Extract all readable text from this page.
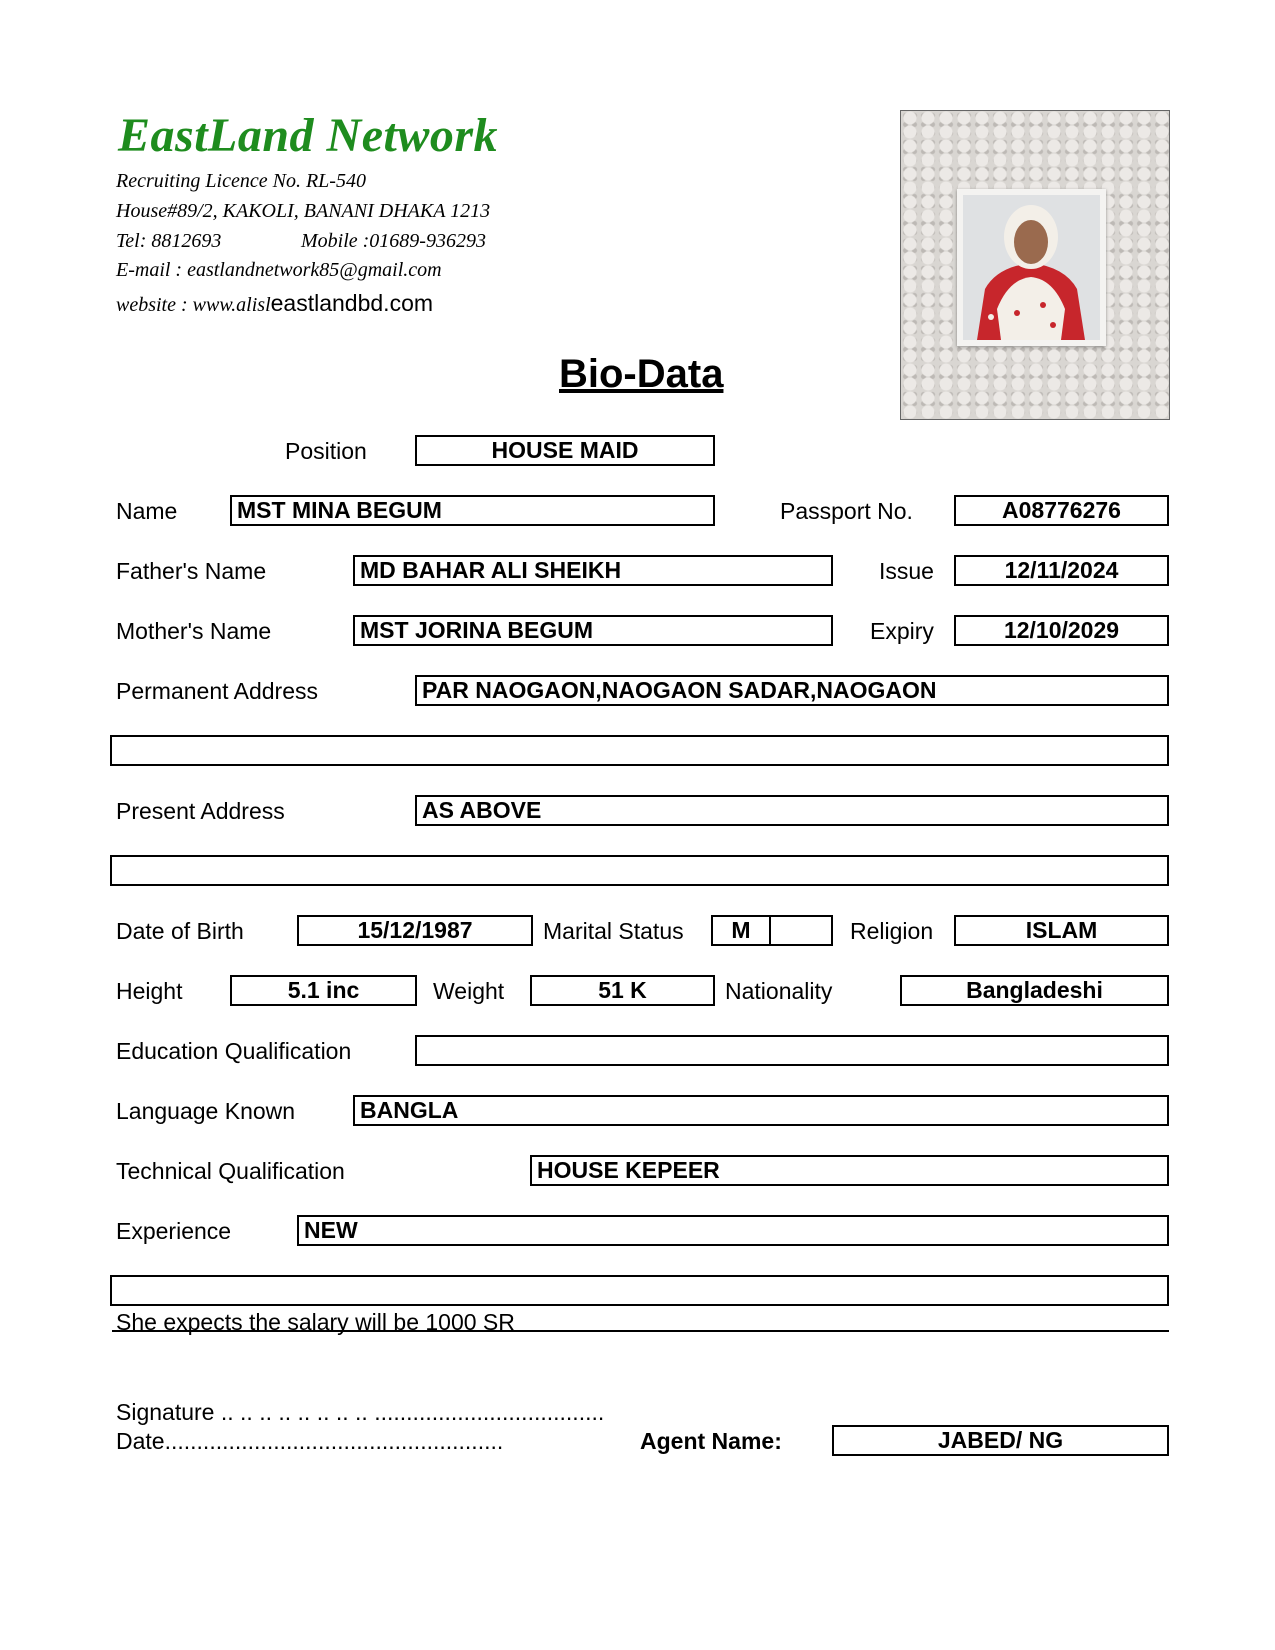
EastLand Network
Recruiting Licence No. RL-540
House#89/2, KAKOLI, BANANI DHAKA 1213
Tel: 8812693	Mobile :01689-936293
E-mail : eastlandnetwork85@gmail.com
website : www.alisleastlandbd.com
Bio-Data
Position	HOUSE MAID
Name	MST MINA BEGUM	Passport No.	A08776276
Father's Name	MD BAHAR ALI SHEIKH	Issue	12/11/2024
Mother's Name	MST JORINA BEGUM	Expiry	12/10/2029
Permanent Address	PAR NAOGAON,NAOGAON SADAR,NAOGAON
Present Address	AS ABOVE
Date of Birth	15/12/1987	Marital Status	M	Religion	ISLAM
Height	5.1 inc	Weight	51 K	Nationality	Bangladeshi
Education Qualification
Language Known	BANGLA
Technical Qualification	HOUSE KEPEER
Experience	NEW
She expects the salary will be 1000 SR
Signature .. .. .. .. .. .. .. .. ....................................
Date.....................................................	Agent Name:	JABED/ NG
